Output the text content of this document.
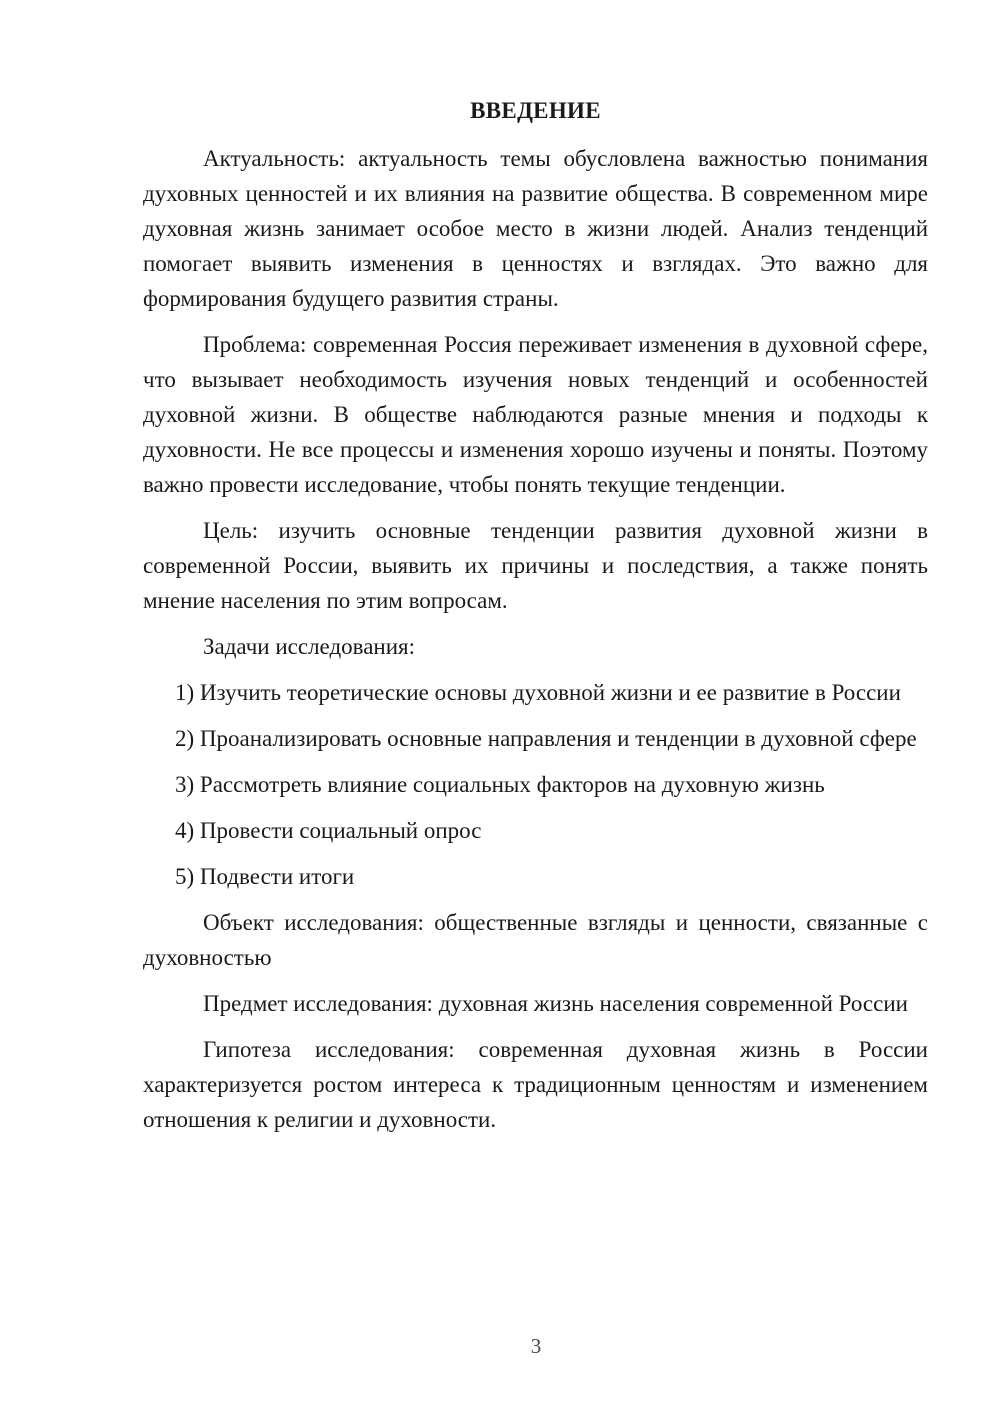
ВВЕДЕНИЕ

Актуальность: актуальность темы обусловлена важностью понимания духовных ценностей и их влияния на развитие общества. В современном мире духовная жизнь занимает особое место в жизни людей. Анализ тенденций помогает выявить изменения в ценностях и взглядах. Это важно для формирования будущего развития страны.

Проблема: современная Россия переживает изменения в духовной сфере, что вызывает необходимость изучения новых тенденций и особенностей духовной жизни. В обществе наблюдаются разные мнения и подходы к духовности. Не все процессы и изменения хорошо изучены и поняты. Поэтому важно провести исследование, чтобы понять текущие тенденции.

Цель: изучить основные тенденции развития духовной жизни в современной России, выявить их причины и последствия, а также понять мнение населения по этим вопросам.

Задачи исследования:

1) Изучить теоретические основы духовной жизни и ее развитие в России

2) Проанализировать основные направления и тенденции в духовной сфере

3) Рассмотреть влияние социальных факторов на духовную жизнь

4) Провести социальный опрос

5) Подвести итоги

Объект исследования: общественные взгляды и ценности, связанные с духовностью

Предмет исследования: духовная жизнь населения современной России

Гипотеза исследования: современная духовная жизнь в России характеризуется ростом интереса к традиционным ценностям и изменением отношения к религии и духовности.

3
